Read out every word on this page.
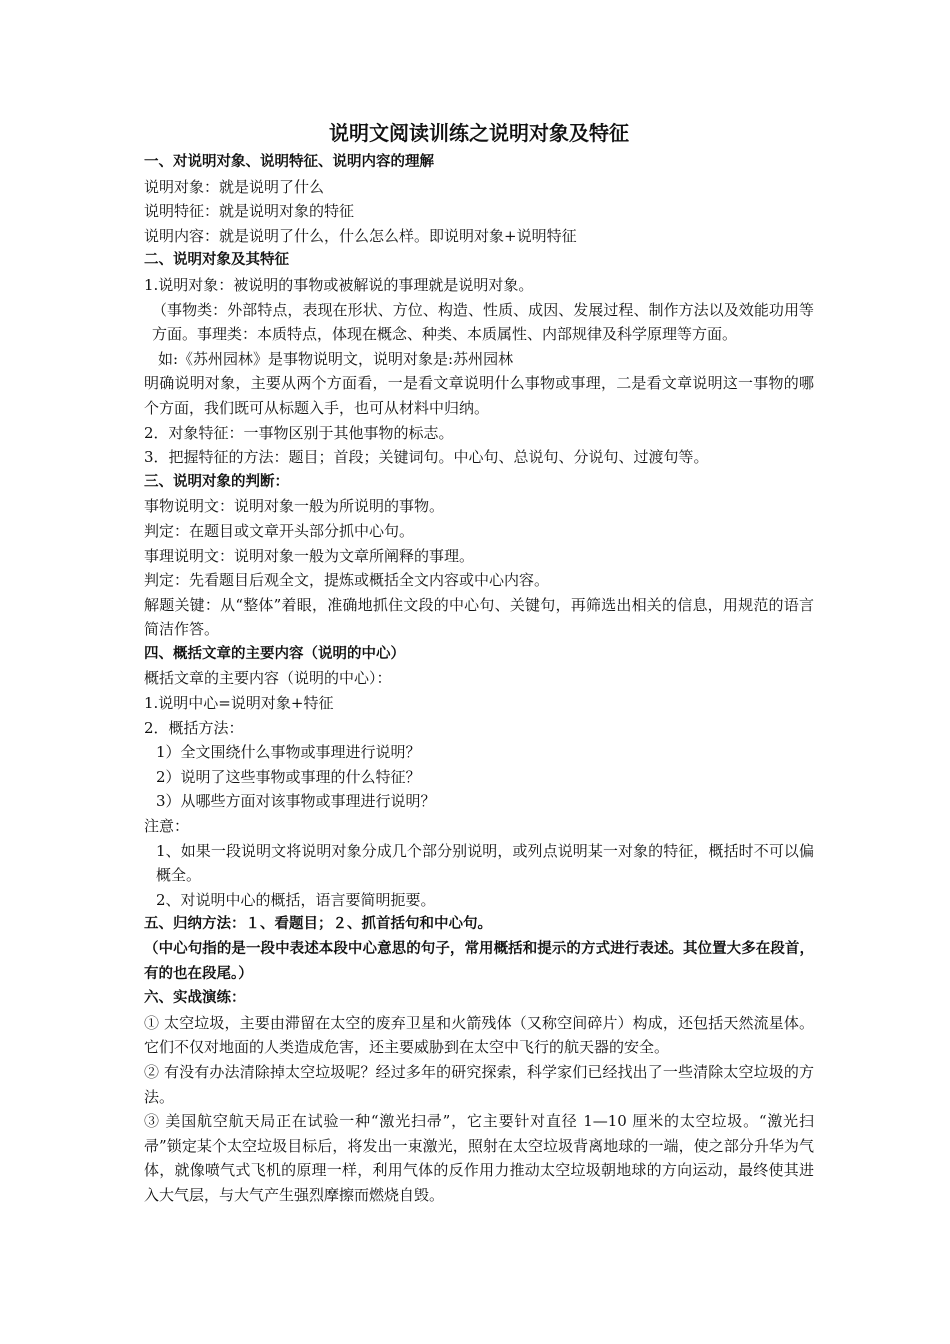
说明文阅读训练之说明对象及特征

一、对说明对象、说明特征、说明内容的理解

说明对象：就是说明了什么

说明特征：就是说明对象的特征

说明内容：就是说明了什么，什么怎么样。即说明对象+说明特征

二、说明对象及其特征

1.说明对象：被说明的事物或被解说的事理就是说明对象。

（事物类：外部特点，表现在形状、方位、构造、性质、成因、发展过程、制作方法以及效能功用等方面。事理类：本质特点，体现在概念、种类、本质属性、内部规律及科学原理等方面。

如:《苏州园林》是事物说明文，说明对象是:苏州园林

明确说明对象，主要从两个方面看，一是看文章说明什么事物或事理，二是看文章说明这一事物的哪个方面，我们既可从标题入手，也可从材料中归纳。

2．对象特征：一事物区别于其他事物的标志。

3．把握特征的方法：题目；首段；关键词句。中心句、总说句、分说句、过渡句等。

三、说明对象的判断：

事物说明文：说明对象一般为所说明的事物。

判定：在题目或文章开头部分抓中心句。

事理说明文：说明对象一般为文章所阐释的事理。

判定：先看题目后观全文，提炼或概括全文内容或中心内容。

解题关键：从“整体”着眼，准确地抓住文段的中心句、关键句，再筛选出相关的信息，用规范的语言简洁作答。

四、概括文章的主要内容（说明的中心）

概括文章的主要内容（说明的中心）：

1.说明中心=说明对象+特征

2．概括方法：

1）全文围绕什么事物或事理进行说明？

2）说明了这些事物或事理的什么特征？

3）从哪些方面对该事物或事理进行说明？

注意：

1、如果一段说明文将说明对象分成几个部分别说明，或列点说明某一对象的特征，概括时不可以偏概全。

2、对说明中心的概括，语言要简明扼要。

五、归纳方法：１、看题目；２、抓首括句和中心句。

（中心句指的是一段中表述本段中心意思的句子，常用概括和提示的方式进行表述。其位置大多在段首，有的也在段尾。）

六、实战演练：

① 太空垃圾，主要由滞留在太空的废弃卫星和火箭残体（又称空间碎片）构成，还包括天然流星体。它们不仅对地面的人类造成危害，还主要威胁到在太空中飞行的航天器的安全。

② 有没有办法清除掉太空垃圾呢？经过多年的研究探索，科学家们已经找出了一些清除太空垃圾的方法。

③ 美国航空航天局正在试验一种“激光扫帚”，它主要针对直径 1—10 厘米的太空垃圾。“激光扫帚”锁定某个太空垃圾目标后，将发出一束激光，照射在太空垃圾背离地球的一端，使之部分升华为气体，就像喷气式飞机的原理一样，利用气体的反作用力推动太空垃圾朝地球的方向运动，最终使其进入大气层，与大气产生强烈摩擦而燃烧自毁。
